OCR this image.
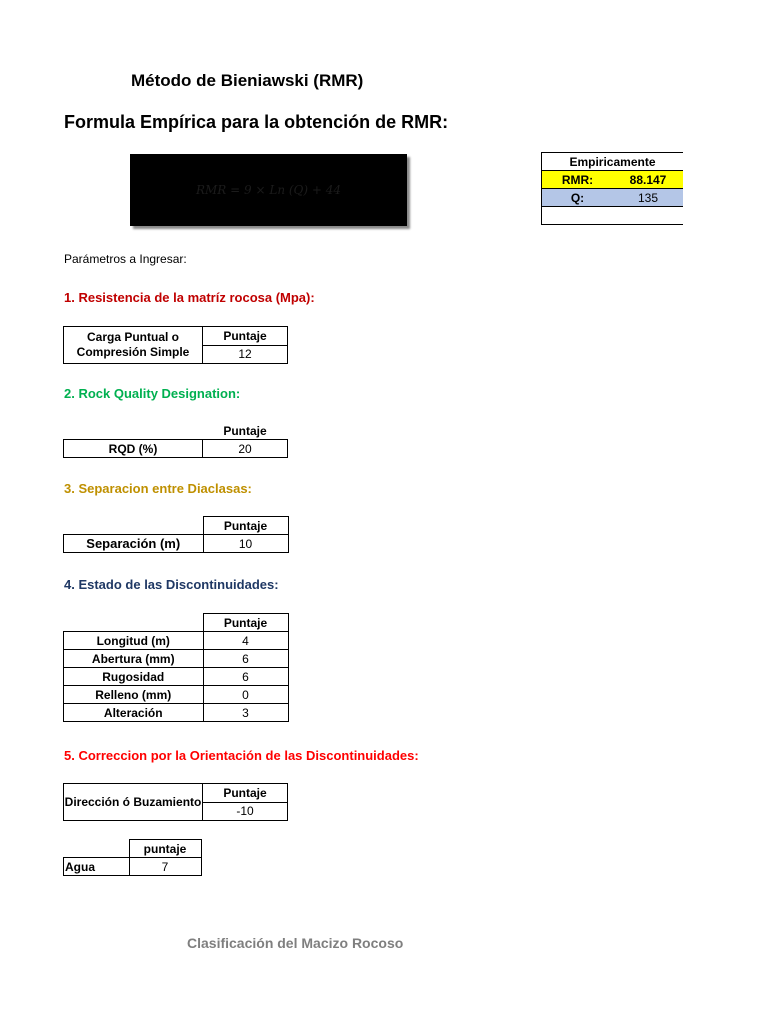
Método de Bieniawski (RMR)
Formula Empírica para la obtención de RMR:
RMR = 9 × Ln (Q) + 44
Empiricamente	
RMR:	88.147
Q:	135

Parámetros a Ingresar:
1. Resistencia de la matríz rocosa (Mpa):
Carga Puntual o
Compresión Simple	Puntaje
12
2. Rock Quality Designation:
	Puntaje
RQD (%)	20
3. Separacion entre Diaclasas:
	Puntaje
Separación (m)	10
4. Estado de las Discontinuidades:
	Puntaje
Longitud (m)	4
Abertura (mm)	6
Rugosidad	6
Relleno (mm)	0
Alteración	3
5. Correccion por la Orientación de las Discontinuidades:
Dirección ó Buzamiento	Puntaje
-10
	puntaje
Agua	7
Clasificación del Macizo Rocoso
